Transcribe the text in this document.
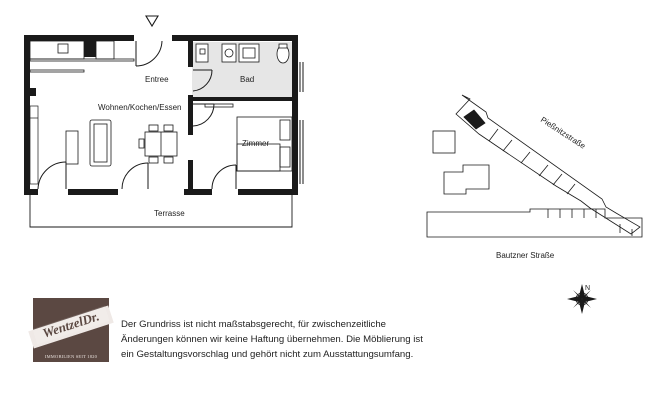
Entree	Bad
Wohnen/Kochen/Essen
Zimmer
Terrasse
Pießnitzstraße
Bautzner Straße
N
WentzelDr.
IMMOBILIEN SEIT 1820
Der Grundriss ist nicht maßstabsgerecht, für zwischenzeitliche
Änderungen können wir keine Haftung übernehmen. Die Möblierung ist
ein Gestaltungsvorschlag und gehört nicht zum Ausstattungsumfang.
